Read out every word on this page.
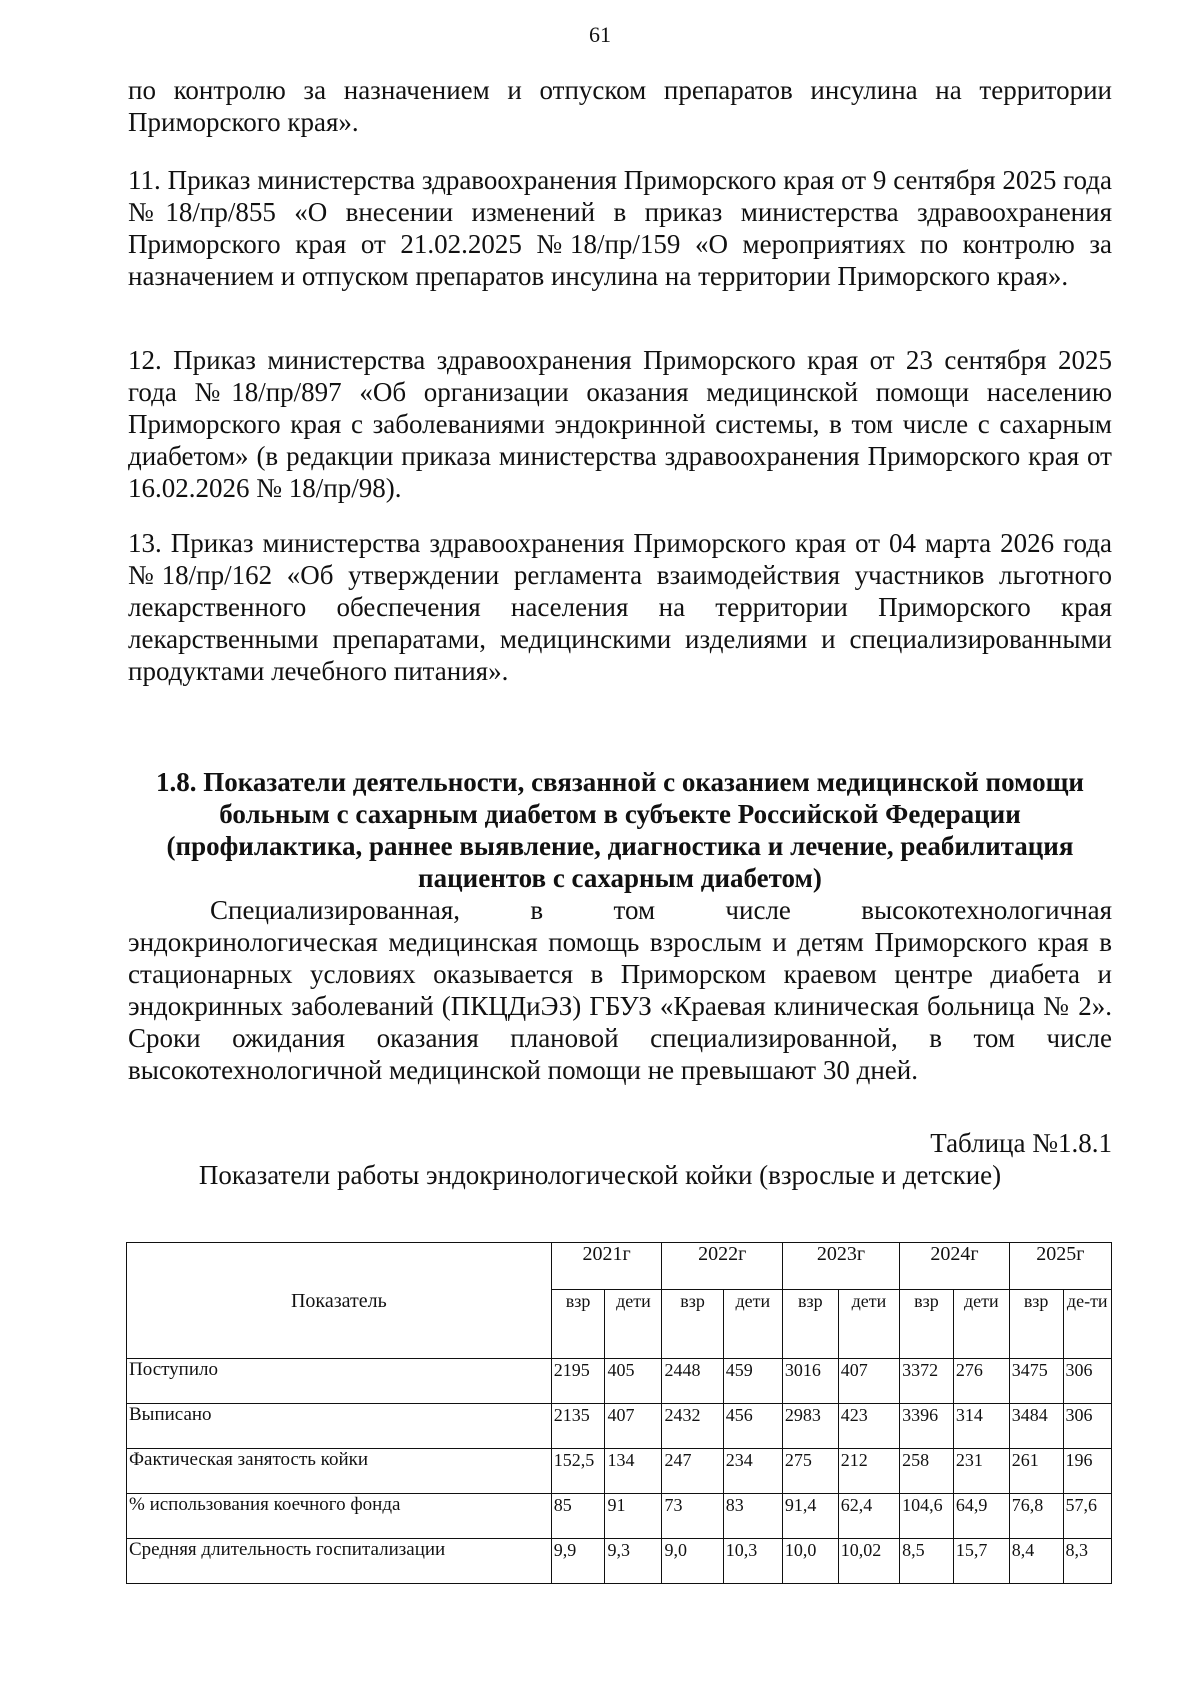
61

по контролю за назначением и отпуском препаратов инсулина на территории Приморского края».

11. Приказ министерства здравоохранения Приморского края от 9 сентября 2025 года №18/пр/855 «О внесении изменений в приказ министерства здравоохранения Приморского края от 21.02.2025 №18/пр/159 «О мероприятиях по контролю за назначением и отпуском препаратов инсулина на территории Приморского края».

12. Приказ министерства здравоохранения Приморского края от 23 сентября 2025 года №18/пр/897 «Об организации оказания медицинской помощи населению Приморского края с заболеваниями эндокринной системы, в том числе с сахарным диабетом» (в редакции приказа министерства здравоохранения Приморского края от 16.02.2026 № 18/пр/98).

13. Приказ министерства здравоохранения Приморского края от 04 марта 2026 года №18/пр/162 «Об утверждении регламента взаимодействия участников льготного лекарственного обеспечения населения на территории Приморского края лекарственными препаратами, медицинскими изделиями и специализированными продуктами лечебного питания».

1.8. Показатели деятельности, связанной с оказанием медицинской помощи больным с сахарным диабетом в субъекте Российской Федерации (профилактика, раннее выявление, диагностика и лечение, реабилитация пациентов с сахарным диабетом)

Специализированная, в том числе высокотехнологичная эндокринологическая медицинская помощь взрослым и детям Приморского края в стационарных условиях оказывается в Приморском краевом центре диабета и эндокринных заболеваний (ПКЦДиЭЗ) ГБУЗ «Краевая клиническая больница № 2». Сроки ожидания оказания плановой специализированной, в том числе высокотехнологичной медицинской помощи не превышают 30 дней.

Таблица №1.8.1
Показатели работы эндокринологической койки (взрослые и детские)
Показатель	2021г		2022г		2023г		2024г		2025г	
	взр	дети	взр	дети	взр	дети	взр	дети	взр	де-ти
Поступило	2195	405	2448	459	3016	407	3372	276	3475	306
Выписано	2135	407	2432	456	2983	423	3396	314	3484	306
Фактическая занятость койки	152,5	134	247	234	275	212	258	231	261	196
% использования коечного фонда	85	91	73	83	91,4	62,4	104,6	64,9	76,8	57,6
Средняя длительность госпитализации	9,9	9,3	9,0	10,3	10,0	10,02	8,5	15,7	8,4	8,3
